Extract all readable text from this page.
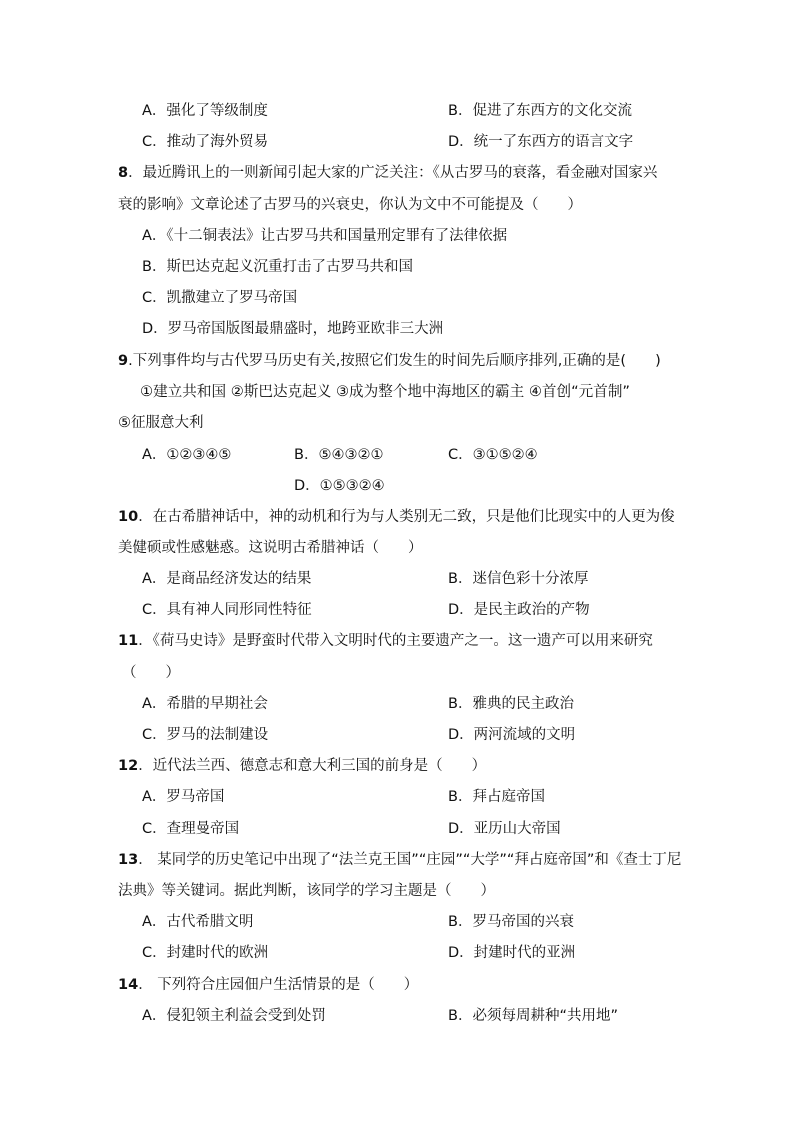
A．强化了等级制度	B．促进了东西方的文化交流
C．推动了海外贸易	D．统一了东西方的语言文字
8．最近腾讯上的一则新闻引起大家的广泛关注：《从古罗马的衰落，看金融对国家兴
衰的影响》文章论述了古罗马的兴衰史，你认为文中不可能提及（　　）
A．《十二铜表法》让古罗马共和国量刑定罪有了法律依据
B．斯巴达克起义沉重打击了古罗马共和国
C．凯撒建立了罗马帝国
D．罗马帝国版图最鼎盛时，地跨亚欧非三大洲
9.下列事件均与古代罗马历史有关,按照它们发生的时间先后顺序排列,正确的是(　　)
①建立共和国 ②斯巴达克起义 ③成为整个地中海地区的霸主 ④首创“元首制”
⑤征服意大利
A．①②③④⑤	B．⑤④③②①	C．③①⑤②④
D．①⑤③②④
10．在古希腊神话中，神的动机和行为与人类别无二致，只是他们比现实中的人更为俊
美健硕或性感魅惑。这说明古希腊神话（　　）
A．是商品经济发达的结果	B．迷信色彩十分浓厚
C．具有神人同形同性特征	D．是民主政治的产物
11．《荷马史诗》是野蛮时代带入文明时代的主要遗产之一。这一遗产可以用来研究
（　　）
A．希腊的早期社会	B．雅典的民主政治
C．罗马的法制建设	D．两河流域的文明
12．近代法兰西、德意志和意大利三国的前身是（　　）
A．罗马帝国	B．拜占庭帝国
C．查理曼帝国	D．亚历山大帝国
13． 某同学的历史笔记中出现了“法兰克王国”“庄园”“大学”“拜占庭帝国”和《查士丁尼
法典》等关键词。据此判断，该同学的学习主题是（　　）
A．古代希腊文明	B．罗马帝国的兴衰
C．封建时代的欧洲	D．封建时代的亚洲
14． 下列符合庄园佃户生活情景的是（　　）
A．侵犯领主利益会受到处罚	B．必须每周耕种“共用地”
